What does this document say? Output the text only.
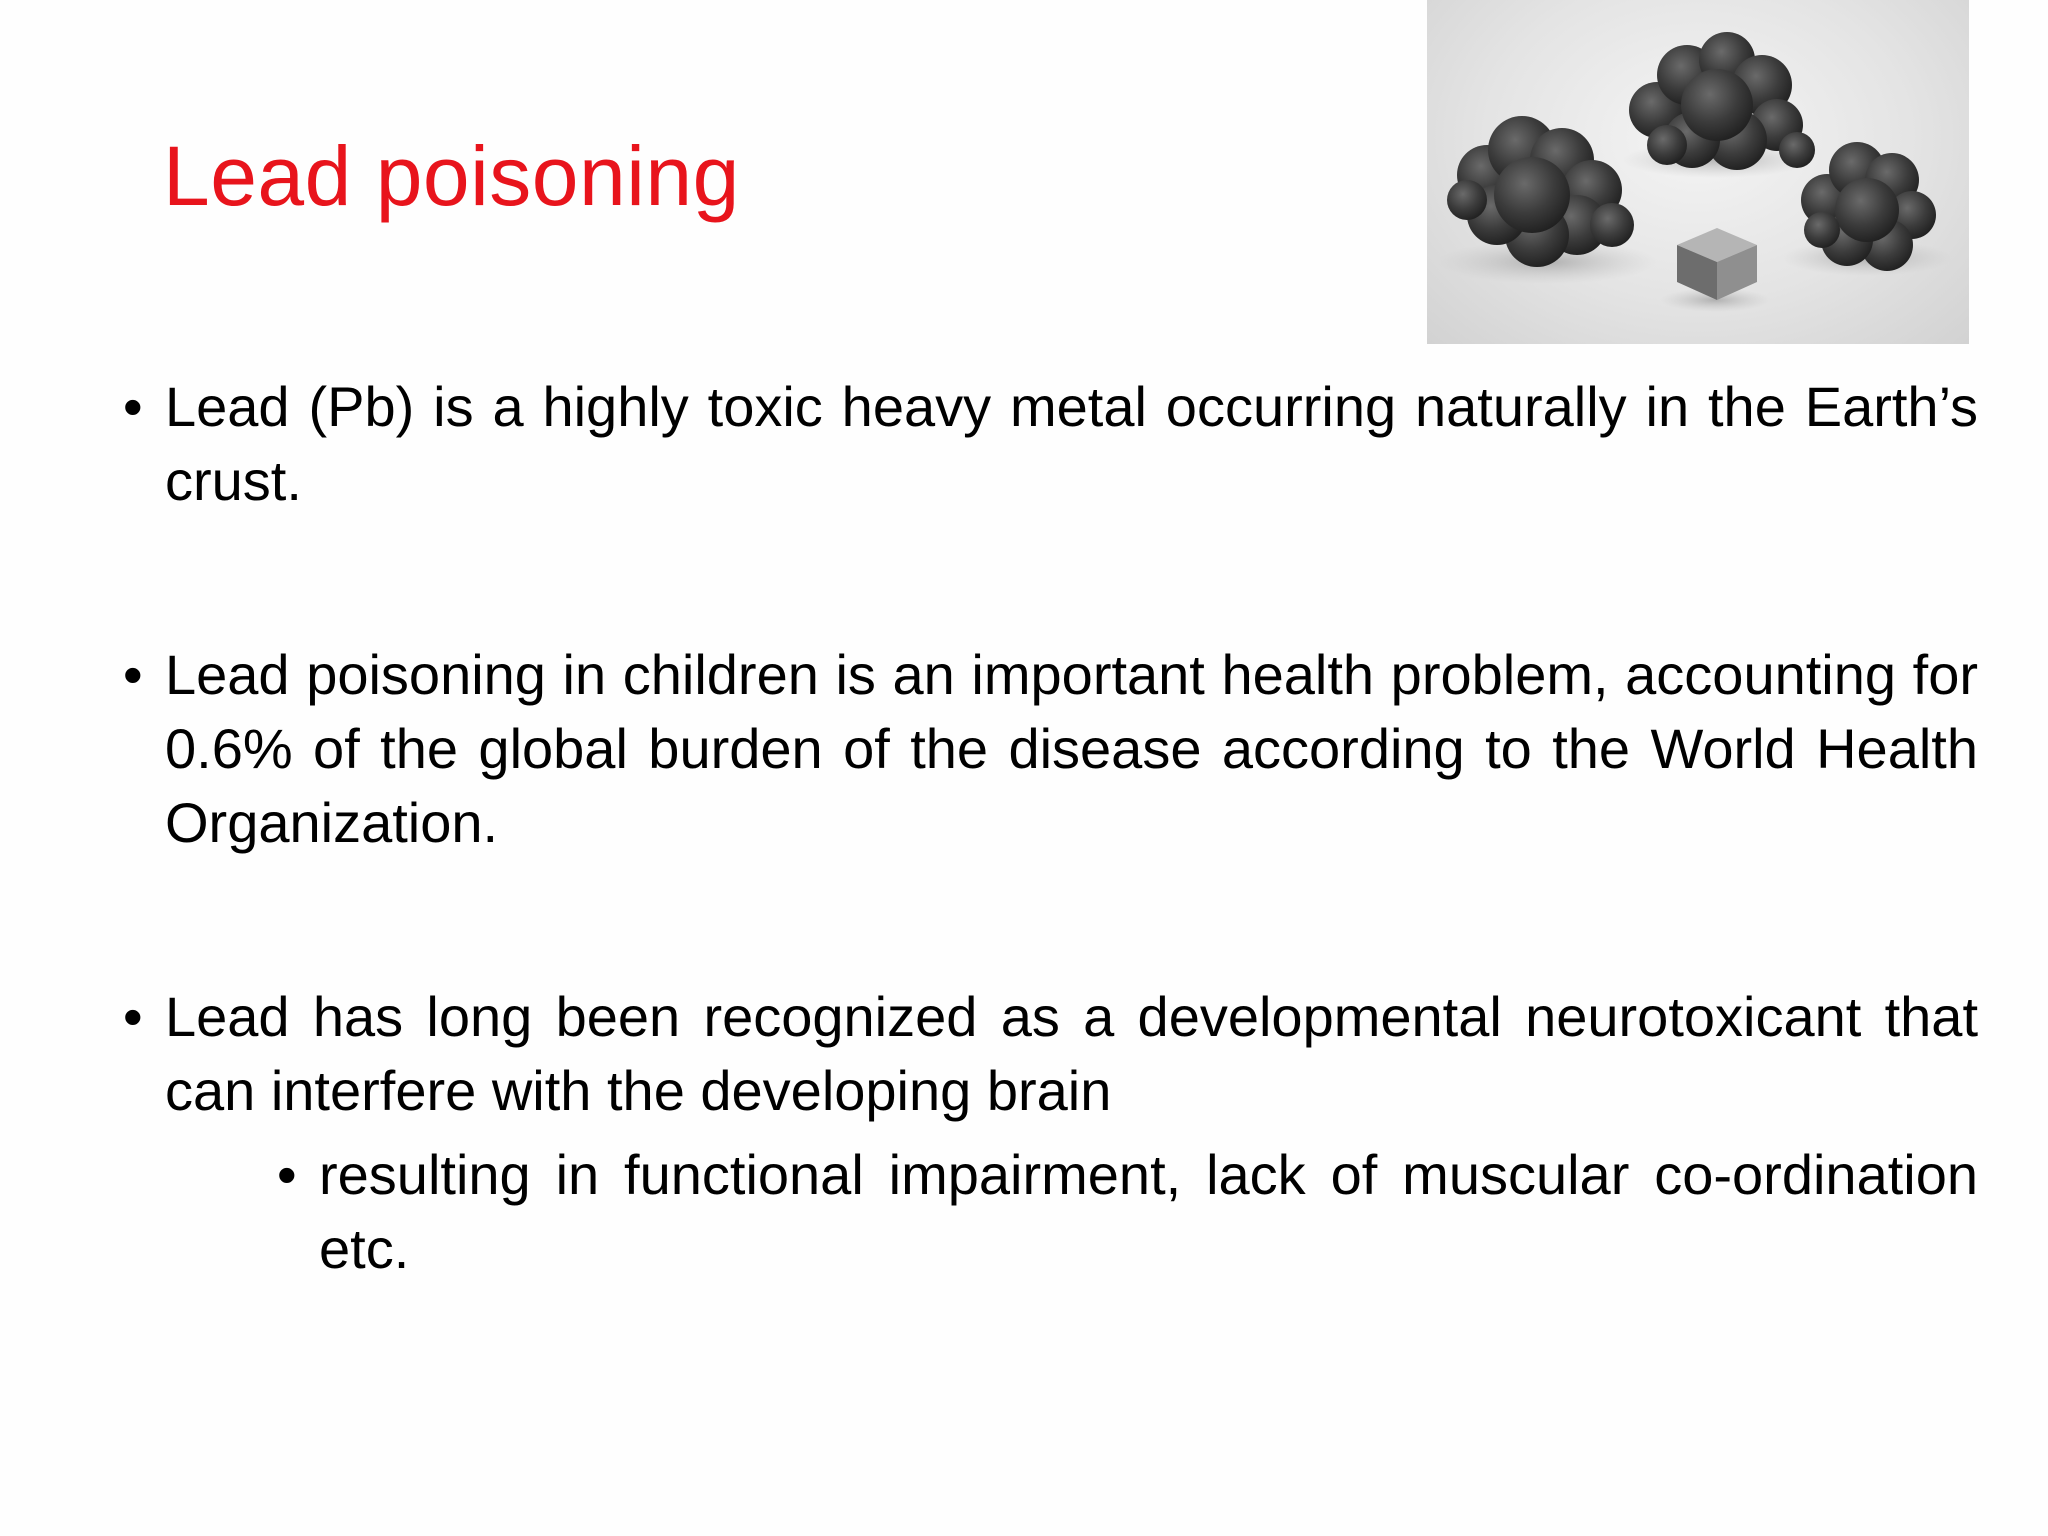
Lead poisoning
• Lead (Pb) is a highly toxic heavy metal occurring naturally in the Earth’s crust.
• Lead poisoning in children is an important health problem, accounting for 0.6% of the global burden of the disease according to the World Health Organization.
• Lead has long been recognized as a developmental neurotoxicant that can interfere with the developing brain
• resulting in functional impairment, lack of muscular co-ordination etc.
